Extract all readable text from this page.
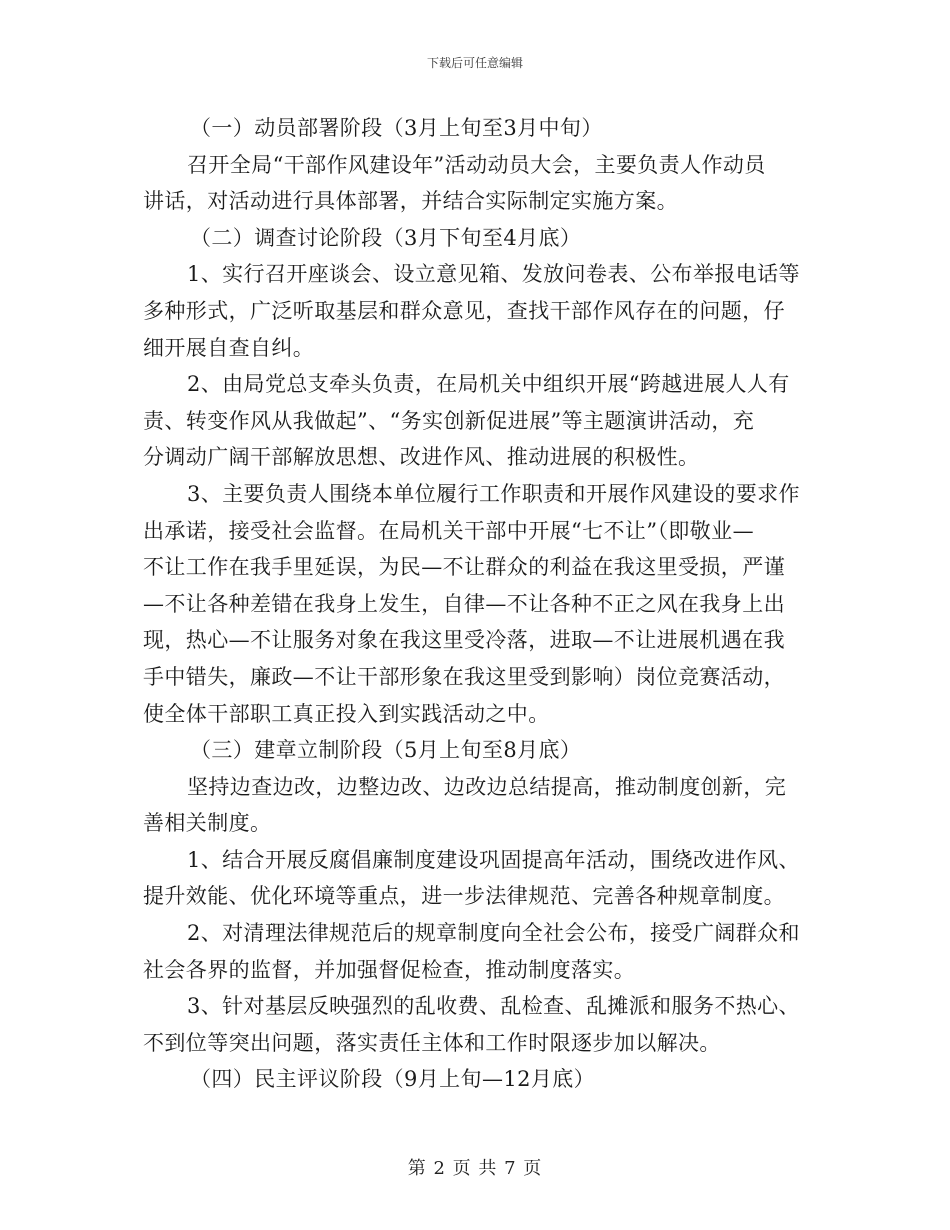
下载后可任意编辑
（一）动员部署阶段（3月上旬至3月中旬）
召开全局“干部作风建设年”活动动员大会，主要负责人作动员
讲话，对活动进行具体部署，并结合实际制定实施方案。
（二）调查讨论阶段（3月下旬至4月底）
1、实行召开座谈会、设立意见箱、发放问卷表、公布举报电话等
多种形式，广泛听取基层和群众意见，查找干部作风存在的问题，仔
细开展自查自纠。
2、由局党总支牵头负责，在局机关中组织开展“跨越进展人人有
责、转变作风从我做起”、“务实创新促进展”等主题演讲活动，充
分调动广阔干部解放思想、改进作风、推动进展的积极性。
3、主要负责人围绕本单位履行工作职责和开展作风建设的要求作
出承诺，接受社会监督。在局机关干部中开展“七不让”（即敬业—
不让工作在我手里延误，为民—不让群众的利益在我这里受损，严谨
—不让各种差错在我身上发生，自律—不让各种不正之风在我身上出
现，热心—不让服务对象在我这里受冷落，进取—不让进展机遇在我
手中错失，廉政—不让干部形象在我这里受到影响）岗位竞赛活动，
使全体干部职工真正投入到实践活动之中。
（三）建章立制阶段（5月上旬至8月底）
坚持边查边改，边整边改、边改边总结提高，推动制度创新，完
善相关制度。
1、结合开展反腐倡廉制度建设巩固提高年活动，围绕改进作风、
提升效能、优化环境等重点，进一步法律规范、完善各种规章制度。
2、对清理法律规范后的规章制度向全社会公布，接受广阔群众和
社会各界的监督，并加强督促检查，推动制度落实。
3、针对基层反映强烈的乱收费、乱检查、乱摊派和服务不热心、
不到位等突出问题，落实责任主体和工作时限逐步加以解决。
（四）民主评议阶段（9月上旬—12月底）
第 2 页 共 7 页
